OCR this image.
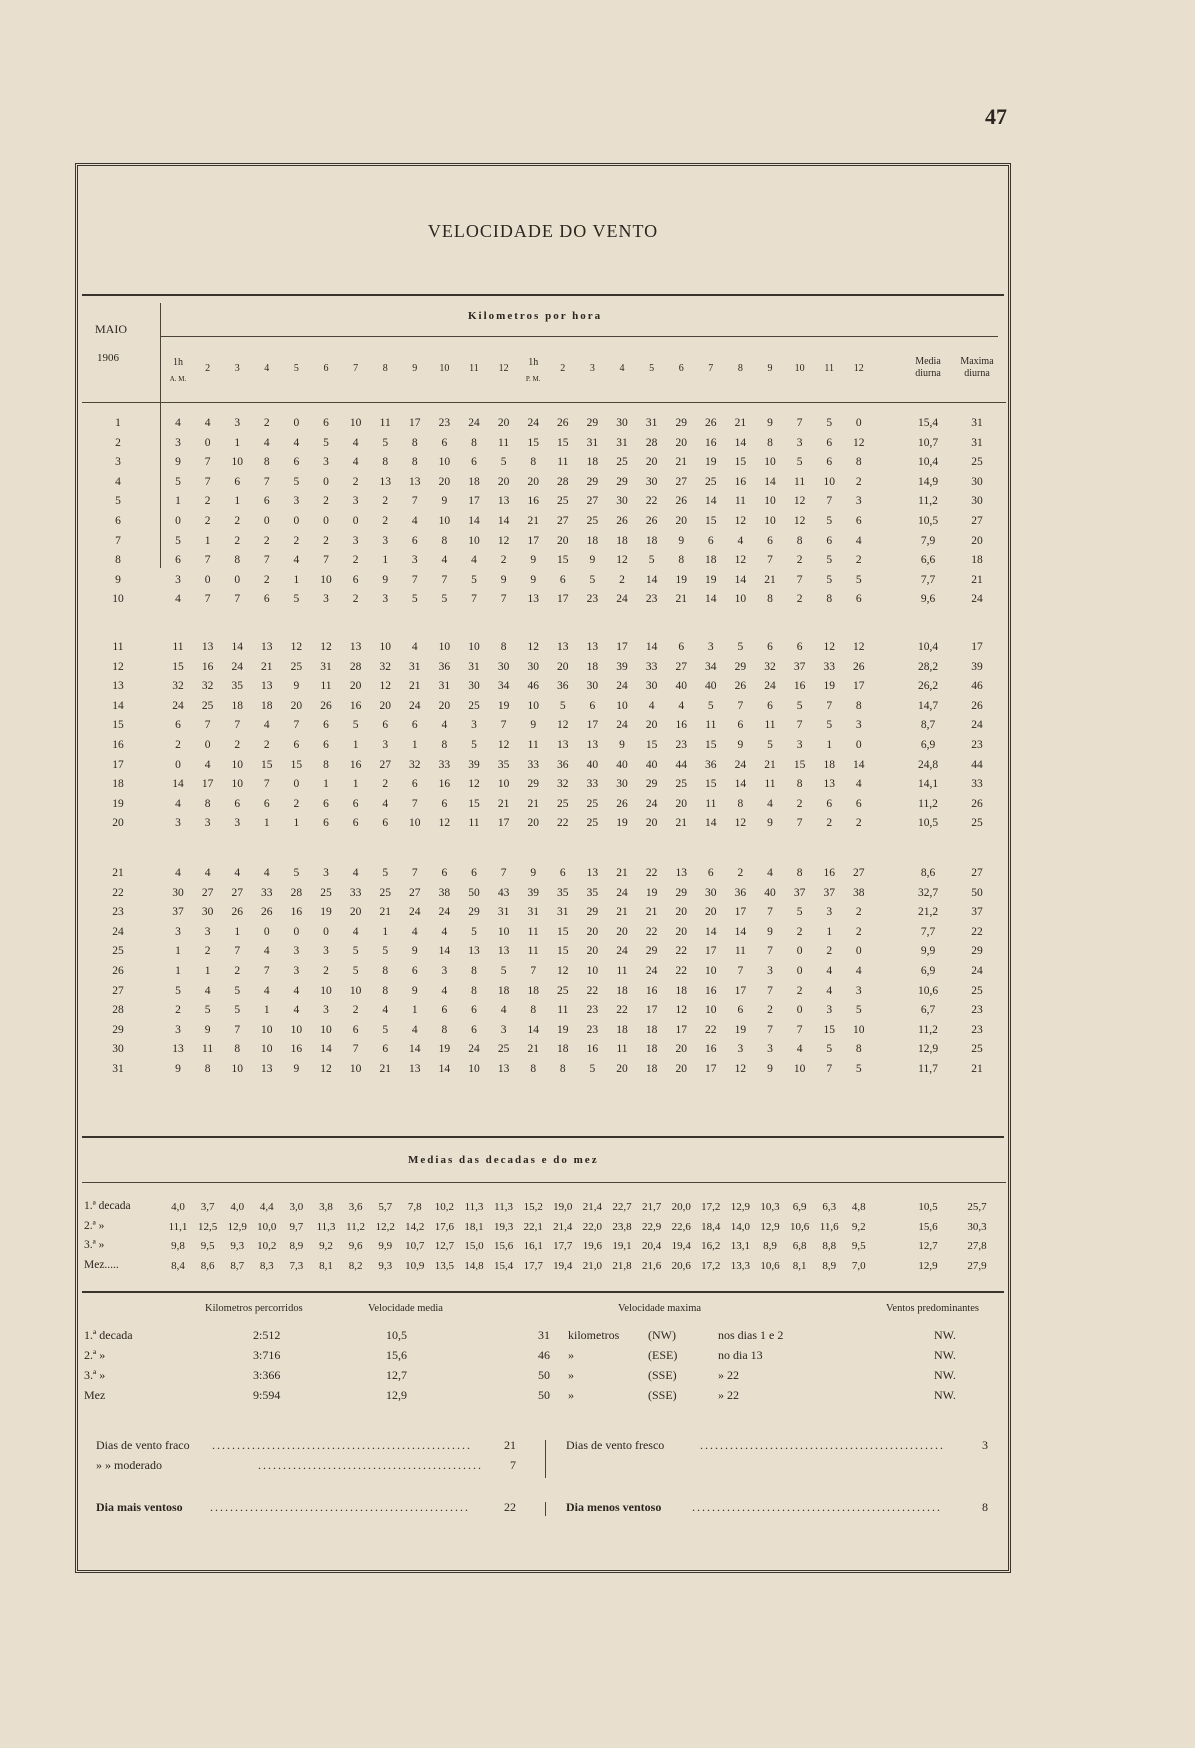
47
VELOCIDADE DO VENTO
MAIO
1906
Kilometros por hora
1h
2	3	4	5	6	7	8	9	10	11	12
1h
2	3	4	5	6	7	8	9	10	11	12
A. M.	P. M.
Media diurna
Maxima diurna
1	4	4	3	2	0	6	10	11	17	23	24	20	24	26	29	30	31	29	26	21	9	7	5	0	15,4	31
2	3	0	1	4	4	5	4	5	8	6	8	11	15	15	31	31	28	20	16	14	8	3	6	12	10,7	31
3	9	7	10	8	6	3	4	8	8	10	6	5	8	11	18	25	20	21	19	15	10	5	6	8	10,4	25
4	5	7	6	7	5	0	2	13	13	20	18	20	20	28	29	29	30	27	25	16	14	11	10	2	14,9	30
5	1	2	1	6	3	2	3	2	7	9	17	13	16	25	27	30	22	26	14	11	10	12	7	3	11,2	30
6	0	2	2	0	0	0	0	2	4	10	14	14	21	27	25	26	26	20	15	12	10	12	5	6	10,5	27
7	5	1	2	2	2	2	3	3	6	8	10	12	17	20	18	18	18	9	6	4	6	8	6	4	7,9	20
8	6	7	8	7	4	7	2	1	3	4	4	2	9	15	9	12	5	8	18	12	7	2	5	2	6,6	18
9	3	0	0	2	1	10	6	9	7	7	5	9	9	6	5	2	14	19	19	14	21	7	5	5	7,7	21
10	4	7	7	6	5	3	2	3	5	5	7	7	13	17	23	24	23	21	14	10	8	2	8	6	9,6	24
11	11	13	14	13	12	12	13	10	4	10	10	8	12	13	13	17	14	6	3	5	6	6	12	12	10,4	17
12	15	16	24	21	25	31	28	32	31	36	31	30	30	20	18	39	33	27	34	29	32	37	33	26	28,2	39
13	32	32	35	13	9	11	20	12	21	31	30	34	46	36	30	24	30	40	40	26	24	16	19	17	26,2	46
14	24	25	18	18	20	26	16	20	24	20	25	19	10	5	6	10	4	4	5	7	6	5	7	8	14,7	26
15	6	7	7	4	7	6	5	6	6	4	3	7	9	12	17	24	20	16	11	6	11	7	5	3	8,7	24
16	2	0	2	2	6	6	1	3	1	8	5	12	11	13	13	9	15	23	15	9	5	3	1	0	6,9	23
17	0	4	10	15	15	8	16	27	32	33	39	35	33	36	40	40	40	44	36	24	21	15	18	14	24,8	44
18	14	17	10	7	0	1	1	2	6	16	12	10	29	32	33	30	29	25	15	14	11	8	13	4	14,1	33
19	4	8	6	6	2	6	6	4	7	6	15	21	21	25	25	26	24	20	11	8	4	2	6	6	11,2	26
20	3	3	3	1	1	6	6	6	10	12	11	17	20	22	25	19	20	21	14	12	9	7	2	2	10,5	25
21	4	4	4	4	5	3	4	5	7	6	6	7	9	6	13	21	22	13	6	2	4	8	16	27	8,6	27
22	30	27	27	33	28	25	33	25	27	38	50	43	39	35	35	24	19	29	30	36	40	37	37	38	32,7	50
23	37	30	26	26	16	19	20	21	24	24	29	31	31	31	29	21	21	20	20	17	7	5	3	2	21,2	37
24	3	3	1	0	0	0	4	1	4	4	5	10	11	15	20	20	22	20	14	14	9	2	1	2	7,7	22
25	1	2	7	4	3	3	5	5	9	14	13	13	11	15	20	24	29	22	17	11	7	0	2	0	9,9	29
26	1	1	2	7	3	2	5	8	6	3	8	5	7	12	10	11	24	22	10	7	3	0	4	4	6,9	24
27	5	4	5	4	4	10	10	8	9	4	8	18	18	25	22	18	16	18	16	17	7	2	4	3	10,6	25
28	2	5	5	1	4	3	2	4	1	6	6	4	8	11	23	22	17	12	10	6	2	0	3	5	6,7	23
29	3	9	7	10	10	10	6	5	4	8	6	3	14	19	23	18	18	17	22	19	7	7	15	10	11,2	23
30	13	11	8	10	16	14	7	6	14	19	24	25	21	18	16	11	18	20	16	3	3	4	5	8	12,9	25
31	9	8	10	13	9	12	10	21	13	14	10	13	8	8	5	20	18	20	17	12	9	10	7	5	11,7	21
Medias das decadas e do mez
1.ª decada	4,0	3,7	4,0	4,4	3,0	3,8	3,6	5,7	7,8	10,2 11,3 11,3 15,2 19,0 21,4 22,7 21,7 20,0 17,2 12,9 10,3	6,9	6,3	4,8	10,5	25,7
2.ª »	11,1 12,5 12,9 10,0	9,7	11,3 11,2 12,2 14,2 17,6 18,1 19,3 22,1 21,4 22,0 23,8 22,9 22,6 18,4 14,0 12,9 10,6 11,6	9,2	15,6	30,3
3.ª »	9,8	9,5	9,3	10,2	8,9	9,2	9,6	9,9	10,7 12,7 15,0 15,6 16,1 17,7 19,6 19,1 20,4 19,4 16,2 13,1	8,9	6,8	8,8	9,5	12,7	27,8
Mez.....	8,4	8,6	8,7	8,3	7,3	8,1	8,2	9,3	10,9 13,5 14,8 15,4 17,7 19,4 21,0 21,8 21,6 20,6 17,2 13,3 10,6	8,1	8,9	7,0	12,9	27,9
Kilometros percorridos	Velocidade media	Velocidade maxima	Ventos predominantes
1.ª decada	2:512	10,5	31 kilometros (NW)	nos dias 1 e 2	NW.
2.ª »	3:716	15,6	46 »	(ESE)	no dia 13	NW.
3.ª »	3:366	12,7	50 »	(SSE)	» 22	NW.
Mez	9:594	12,9	50 »	(SSE)	» 22	NW.
Dias de vento fraco ....................................................	21
» » moderado	............................................. 7
Dias de vento fresco	.................................................	3
Dia mais ventoso ....................................................	22	Dia menos ventoso	..................................................	8
